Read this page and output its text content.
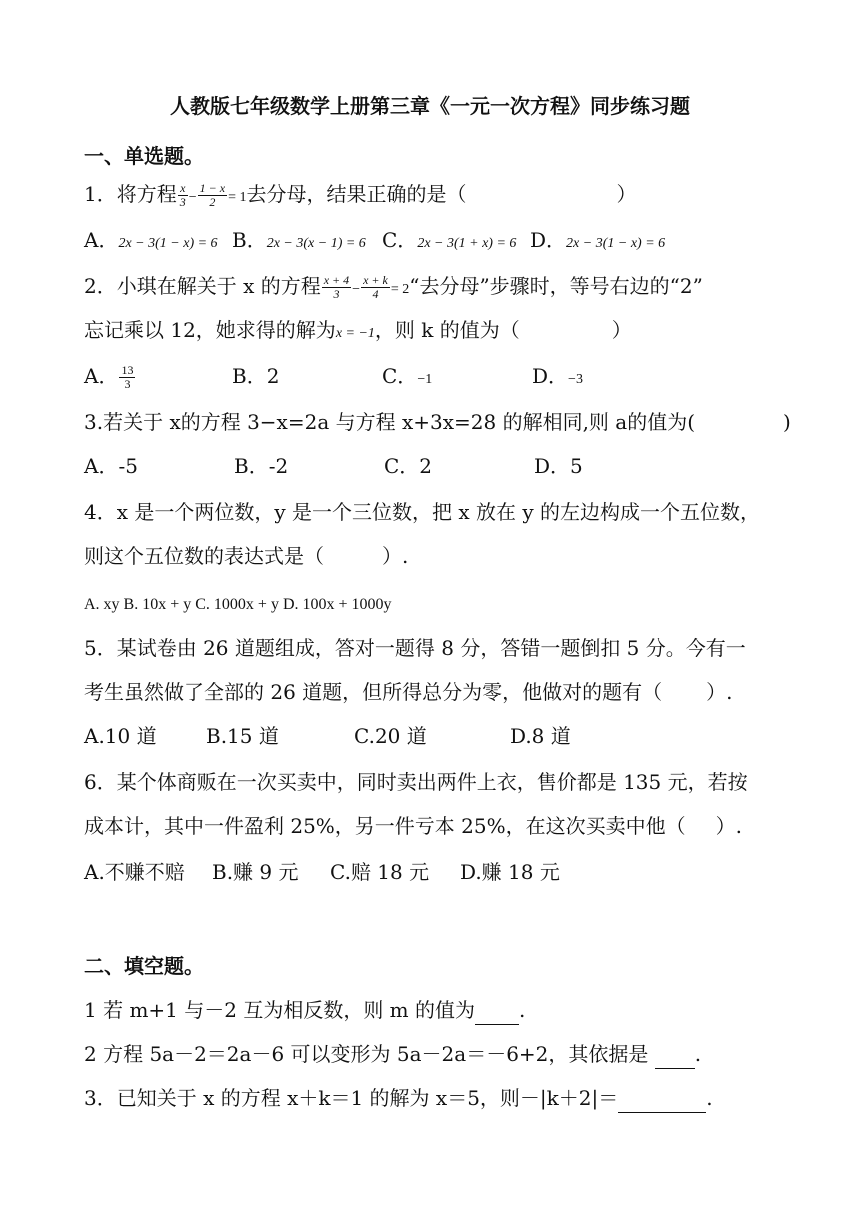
人教版七年级数学上册第三章《一元一次方程》同步练习题
一、单选题。
1．将方程 $\frac{x}{3} - \frac{1 - x}{2} = 1$去分母，结果正确的是（	）
A．2x − 3(1 − x) = 6 B．2x − 3(x − 1) = 6 C．2x − 3(1 + x) = 6 D．2x − 3(1 − x) = 6
2．小琪在解关于 x 的方程 $\frac{x + 4}{3} - \frac{x + k}{4}$ = 2“去分母”步骤时，等号右边的“2”
忘记乘以 12，她求得的解为x = −1，则 k 的值为（	）
A． $\frac{13}{3}$	B．2	C．−1	D．−3
3.若关于 x的方程 3−x=2a 与方程 x+3x=28 的解相同,则 a的值为(	)
A．-5	B．-2	C．2	D．5
4．x 是一个两位数，y 是一个三位数，把 x 放在 y 的左边构成一个五位数，
则这个五位数的表达式是（	）.
A. xy B. 10x + y C. 1000x + y D. 100x + 1000y
5．某试卷由 26 道题组成，答对一题得 8 分，答错一题倒扣 5 分。今有一
考生虽然做了全部的 26 道题，但所得总分为零，他做对的题有（ ）.
A.10 道 B.15 道	C.20 道	D.8 道
6．某个体商贩在一次买卖中，同时卖出两件上衣，售价都是 135 元，若按
成本计，其中一件盈利 25%，另一件亏本 25%，在这次买卖中他（ ）.
A.不赚不赔 B.赚 9 元 C.赔 18 元 D.赚 18 元
二、填空题。
1 若 m+1 与－2 互为相反数，则 m 的值为 .
2 方程 5a－2＝2a－6 可以变形为 5a－2a＝－6+2，其依据是  .
3．已知关于 x 的方程 x＋k＝1 的解为 x＝5，则－|k＋2|＝	.
